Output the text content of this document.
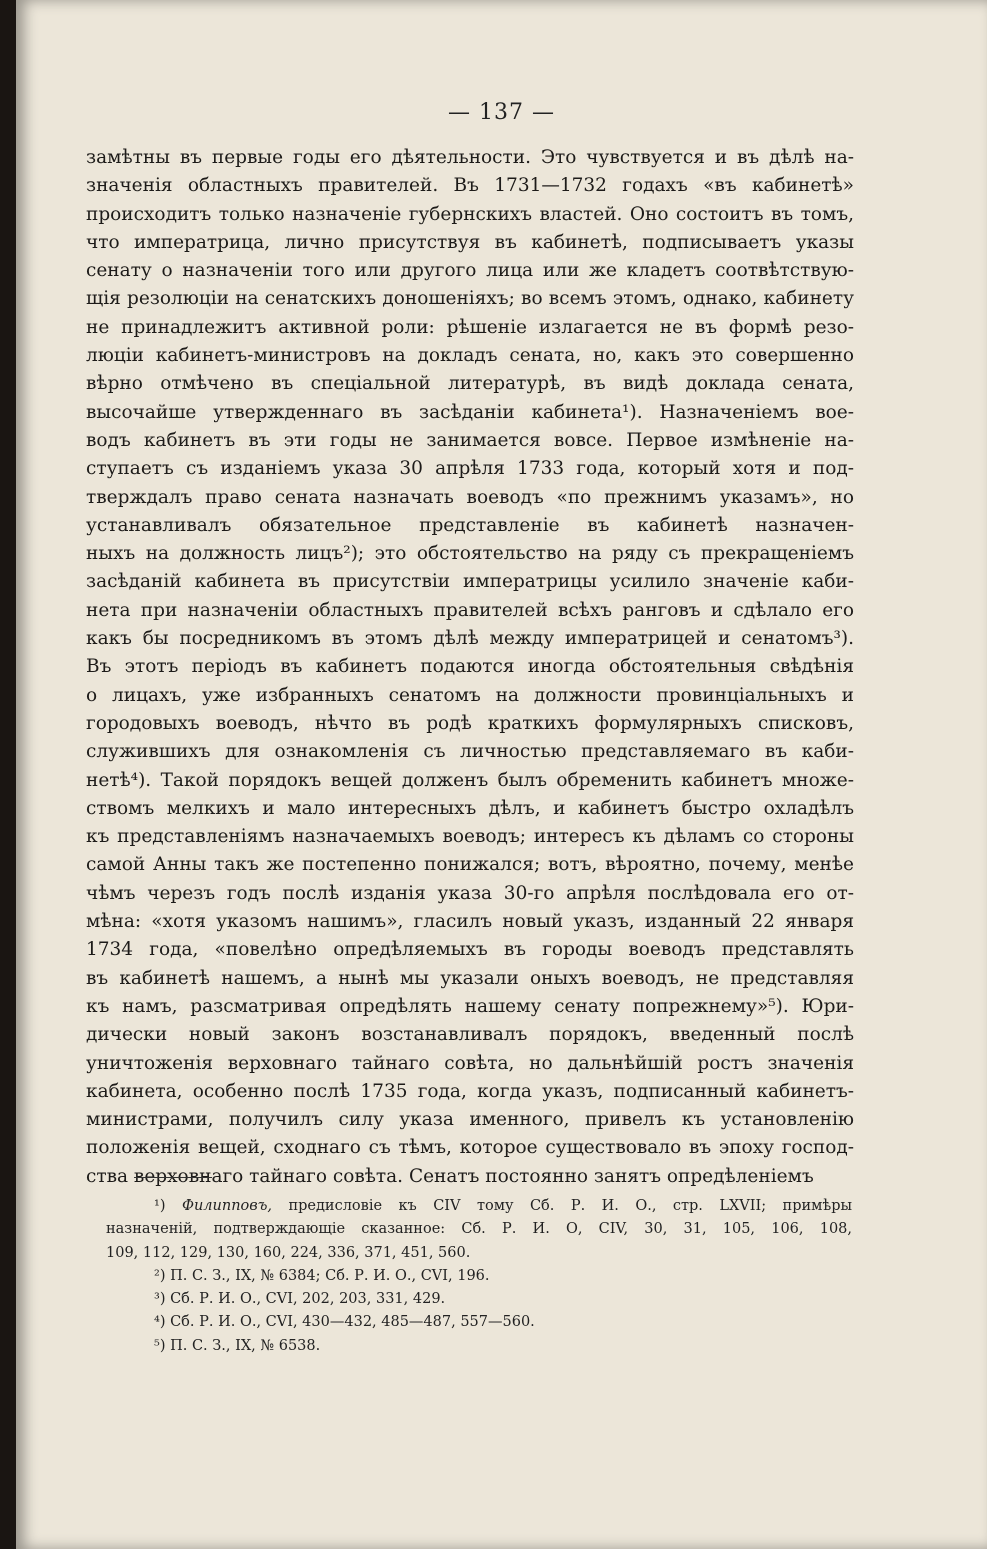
— 137 —
замѣтны въ первые годы его дѣятельности. Это чувствуется и въ дѣлѣ на-
значенія областныхъ правителей. Въ 1731—1732 годахъ «въ кабинетѣ»
происходитъ только назначеніе губернскихъ властей. Оно состоитъ въ томъ,
что императрица, лично присутствуя въ кабинетѣ, подписываетъ указы
сенату о назначеніи того или другого лица или же кладетъ соотвѣтствую-
щія резолюціи на сенатскихъ доношеніяхъ; во всемъ этомъ, однако, кабинету
не принадлежитъ активной роли: рѣшеніе излагается не въ формѣ резо-
люціи кабинетъ-министровъ на докладъ сената, но, какъ это совершенно
вѣрно отмѣчено въ спеціальной литературѣ, въ видѣ доклада сената,
высочайше утвержденнаго въ засѣданіи кабинета¹). Назначеніемъ вое-
водъ кабинетъ въ эти годы не занимается вовсе. Первое измѣненіе на-
ступаетъ съ изданіемъ указа 30 апрѣля 1733 года, который хотя и под-
тверждалъ право сената назначать воеводъ «по прежнимъ указамъ», но
устанавливалъ обязательное представленіе въ кабинетѣ назначен-
ныхъ на должность лицъ²); это обстоятельство на ряду съ прекращеніемъ
засѣданій кабинета въ присутствіи императрицы усилило значеніе каби-
нета при назначеніи областныхъ правителей всѣхъ ранговъ и сдѣлало его
какъ бы посредникомъ въ этомъ дѣлѣ между императрицей и сенатомъ³).
Въ этотъ періодъ въ кабинетъ подаются иногда обстоятельныя свѣдѣнія
о лицахъ, уже избранныхъ сенатомъ на должности провинціальныхъ и
городовыхъ воеводъ, нѣчто въ родѣ краткихъ формулярныхъ списковъ,
служившихъ для ознакомленія съ личностью представляемаго въ каби-
нетѣ⁴). Такой порядокъ вещей долженъ былъ обременить кабинетъ множе-
ствомъ мелкихъ и мало интересныхъ дѣлъ, и кабинетъ быстро охладѣлъ
къ представленіямъ назначаемыхъ воеводъ; интересъ къ дѣламъ со стороны
самой Анны такъ же постепенно понижался; вотъ, вѣроятно, почему, менѣе
чѣмъ черезъ годъ послѣ изданія указа 30-го апрѣля послѣдовала его от-
мѣна: «хотя указомъ нашимъ», гласилъ новый указъ, изданный 22 января
1734 года, «повелѣно опредѣляемыхъ въ городы воеводъ представлять
въ кабинетѣ нашемъ, а нынѣ мы указали оныхъ воеводъ, не представляя
къ намъ, разсматривая опредѣлять нашему сенату попрежнему»⁵). Юри-
дически новый законъ возстанавливалъ порядокъ, введенный послѣ
уничтоженія верховнаго тайнаго совѣта, но дальнѣйшій ростъ значенія
кабинета, особенно послѣ 1735 года, когда указъ, подписанный кабинетъ-
министрами, получилъ силу указа именного, привелъ къ установленію
положенія вещей, сходнаго съ тѣмъ, которое существовало въ эпоху господ-
ства верховнаго тайнаго совѣта. Сенатъ постоянно занятъ опредѣленіемъ
¹) Филипповъ, предисловіе къ CIV тому Сб. Р. И. О., стр. LXVII; примѣры
назначеній, подтверждающіе сказанное: Сб. Р. И. О, CIV, 30, 31, 105, 106, 108,
109, 112, 129, 130, 160, 224, 336, 371, 451, 560.
²) П. С. З., IX, № 6384; Сб. Р. И. О., CVI, 196.
³) Сб. Р. И. О., CVI, 202, 203, 331, 429.
⁴) Сб. Р. И. О., CVI, 430—432, 485—487, 557—560.
⁵) П. С. З., IX, № 6538.
